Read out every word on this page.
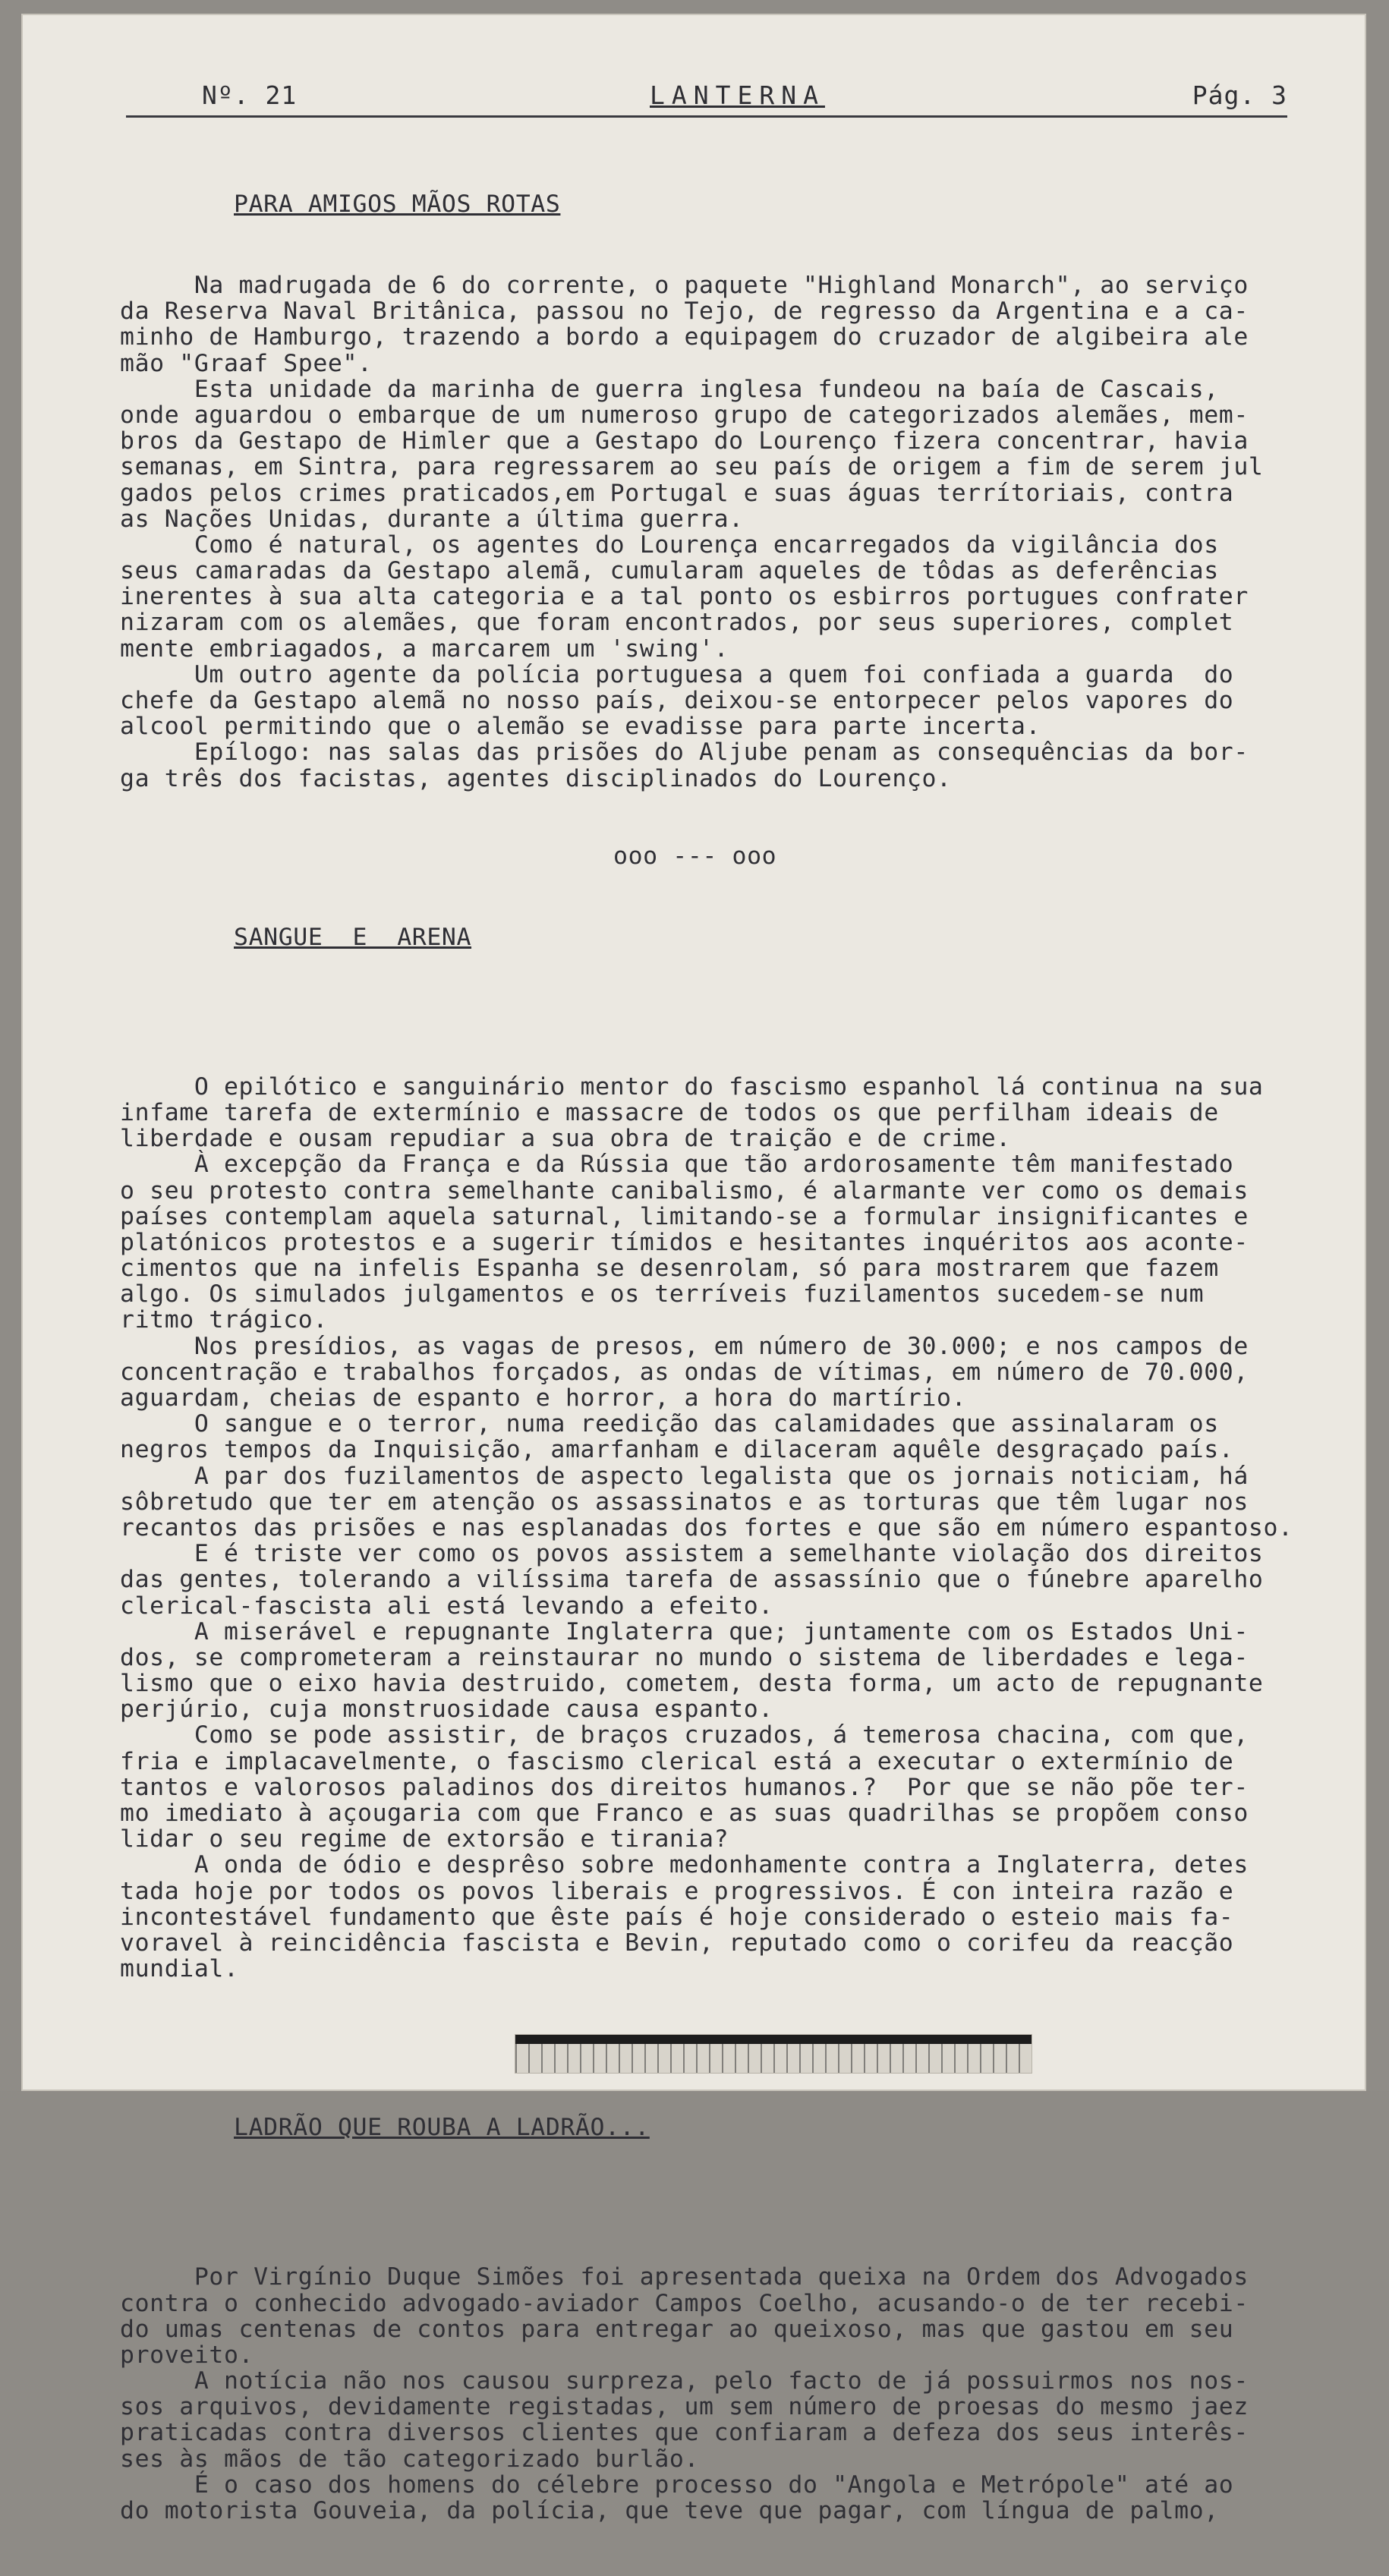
Nº. 21	LANTERNA	Pág. 3

PARA AMIGOS MÃOS ROTAS

Na madrugada de 6 do corrente, o paquete "Highland Monarch", ao serviço
da Reserva Naval Britânica, passou no Tejo, de regresso da Argentina e a ca-
minho de Hamburgo, trazendo a bordo a equipagem do cruzador de algibeira ale
mão "Graaf Spee".
Esta unidade da marinha de guerra inglesa fundeou na baía de Cascais,
onde aguardou o embarque de um numeroso grupo de categorizados alemães, mem-
bros da Gestapo de Himler que a Gestapo do Lourenço fizera concentrar, havia
semanas, em Sintra, para regressarem ao seu país de origem a fim de serem jul
gados pelos crimes praticados,em Portugal e suas águas terrítoriais, contra
as Nações Unidas, durante a última guerra.
Como é natural, os agentes do Lourença encarregados da vigilância dos
seus camaradas da Gestapo alemã, cumularam aqueles de tôdas as deferências
inerentes à sua alta categoria e a tal ponto os esbirros portugues confrater
nizaram com os alemães, que foram encontrados, por seus superiores, complet
mente embriagados, a marcarem um 'swing'.
Um outro agente da polícia portuguesa a quem foi confiada a guarda  do
chefe da Gestapo alemã no nosso país, deixou-se entorpecer pelos vapores do
alcool permitindo que o alemão se evadisse para parte incerta.
Epílogo: nas salas das prisões do Aljube penam as consequências da bor-
ga três dos facistas, agentes disciplinados do Lourenço.

ooo --- ooo

SANGUE  E  ARENA

O epilótico e sanguinário mentor do fascismo espanhol lá continua na sua
infame tarefa de extermínio e massacre de todos os que perfilham ideais de
liberdade e ousam repudiar a sua obra de traição e de crime.
À excepção da França e da Rússia que tão ardorosamente têm manifestado
o seu protesto contra semelhante canibalismo, é alarmante ver como os demais
países contemplam aquela saturnal, limitando-se a formular insignificantes e
platónicos protestos e a sugerir tímidos e hesitantes inquéritos aos aconte-
cimentos que na infelis Espanha se desenrolam, só para mostrarem que fazem
algo. Os simulados julgamentos e os terríveis fuzilamentos sucedem-se num
ritmo trágico.
Nos presídios, as vagas de presos, em número de 30.000; e nos campos de
concentração e trabalhos forçados, as ondas de vítimas, em número de 70.000,
aguardam, cheias de espanto e horror, a hora do martírio.
O sangue e o terror, numa reedição das calamidades que assinalaram os
negros tempos da Inquisição, amarfanham e dilaceram aquêle desgraçado país.
A par dos fuzilamentos de aspecto legalista que os jornais noticiam, há
sôbretudo que ter em atenção os assassinatos e as torturas que têm lugar nos
recantos das prisões e nas esplanadas dos fortes e que são em número espantoso.
E é triste ver como os povos assistem a semelhante violação dos direitos
das gentes, tolerando a vilíssima tarefa de assassínio que o fúnebre aparelho
clerical-fascista ali está levando a efeito.
A miserável e repugnante Inglaterra que; juntamente com os Estados Uni-
dos, se comprometeram a reinstaurar no mundo o sistema de liberdades e lega-
lismo que o eixo havia destruido, cometem, desta forma, um acto de repugnante
perjúrio, cuja monstruosidade causa espanto.
Como se pode assistir, de braços cruzados, á temerosa chacina, com que,
fria e implacavelmente, o fascismo clerical está a executar o extermínio de
tantos e valorosos paladinos dos direitos humanos.?  Por que se não põe ter-
mo imediato à açougaria com que Franco e as suas quadrilhas se propõem conso
lidar o seu regime de extorsão e tirania?
A onda de ódio e desprêso sobre medonhamente contra a Inglaterra, detes
tada hoje por todos os povos liberais e progressivos. É con inteira razão e
incontestável fundamento que êste país é hoje considerado o esteio mais fa-
voravel à reincidência fascista e Bevin, reputado como o corifeu da reacção
mundial.

LADRÃO QUE ROUBA A LADRÃO...

Por Virgínio Duque Simões foi apresentada queixa na Ordem dos Advogados
contra o conhecido advogado-aviador Campos Coelho, acusando-o de ter recebi-
do umas centenas de contos para entregar ao queixoso, mas que gastou em seu
proveito.
A notícia não nos causou surpreza, pelo facto de já possuirmos nos nos-
sos arquivos, devidamente registadas, um sem número de proesas do mesmo jaez
praticadas contra diversos clientes que confiaram a defeza dos seus interês-
ses às mãos de tão categorizado burlão.
É o caso dos homens do célebre processo do "Angola e Metrópole" até ao
do motorista Gouveia, da polícia, que teve que pagar, com língua de palmo,
